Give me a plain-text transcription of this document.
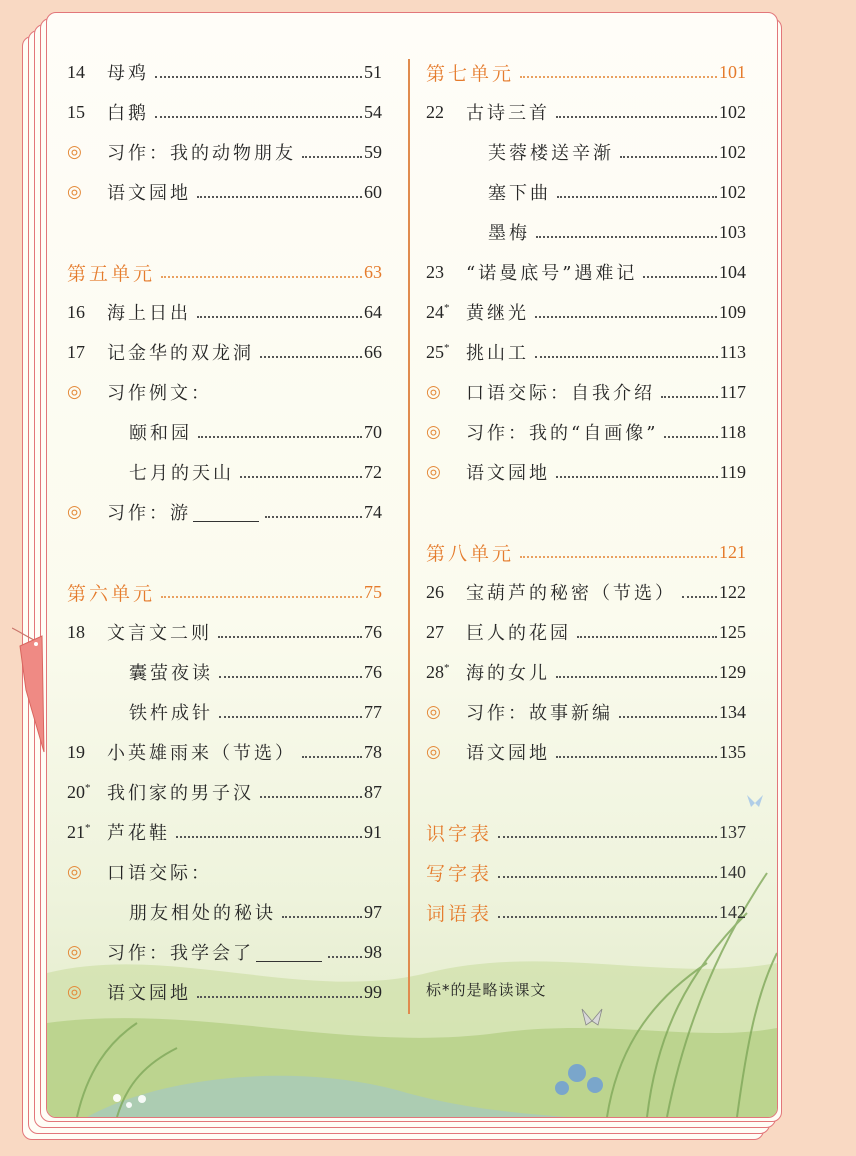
14	母鸡	51
15	白鹅	54
◎	习作：我的动物朋友	59
◎	语文园地	60
第五单元	63
16	海上日出	64
17	记金华的双龙洞	66
◎	习作例文：
颐和园	70
七月的天山	72
◎	习作：游	74
第六单元	75
18	文言文二则	76
囊萤夜读	76
铁杵成针	77
19	小英雄雨来（节选）	78
20* 我们家的男子汉	87
21* 芦花鞋	91
◎	口语交际：
朋友相处的秘诀	97
◎	习作：我学会了	98
◎	语文园地	99
第七单元	101
22	古诗三首	102
芙蓉楼送辛渐	102
塞下曲	102
墨梅	103
23	“诺曼底号”遇难记	104
24* 黄继光	109
25* 挑山工	113
◎	口语交际：自我介绍	117
◎	习作：我的“自画像”	118
◎	语文园地	119
第八单元	121
26	宝葫芦的秘密（节选） 122
27	巨人的花园	125
28* 海的女儿	129
◎	习作：故事新编	134
◎	语文园地	135
识字表	137
写字表	140
词语表	142
标*的是略读课文
